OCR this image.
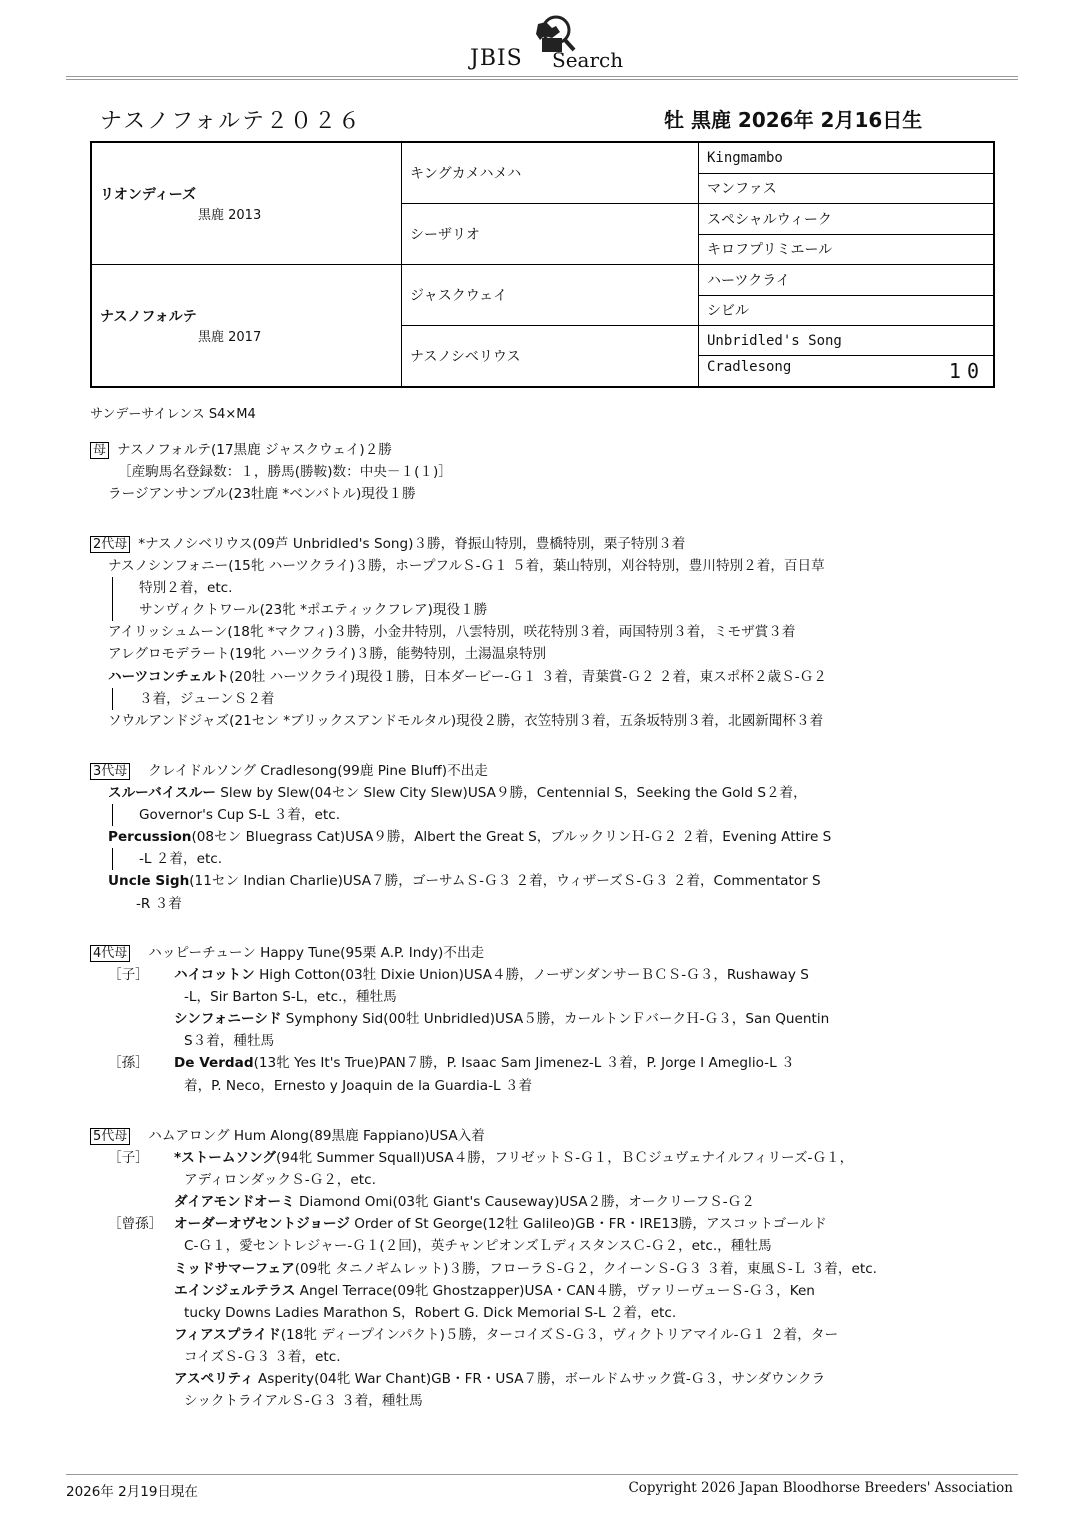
JBIS Search
ナスノフォルテ２０２６	牡 黒鹿 2026年 2月16日生
リオンディーズ
黒鹿 2013	キングカメハメハ	Kingmambo
		マンファス
	シーザリオ	スペシャルウィーク
		キロフプリミエール

ナスノフォルテ
黒鹿 2017	ジャスクウェイ	ハーツクライ
		シビル
	ナスノシベリウス	Unbridled's Song
		Cradlesong 10
サンデーサイレンス S4×M4
母 ナスノフォルテ(17黒鹿 ジャスクウェイ)２勝
［産駒馬名登録数：１，勝馬(勝鞍)数：中央－１(１)］
ラージアンサンブル(23牡鹿 *ベンバトル)現役１勝
2代母 *ナスノシベリウス(09芦 Unbridled's Song)３勝，脊振山特別，豊橋特別，栗子特別３着
ナスノシンフォニー(15牝 ハーツクライ)３勝，ホープフルＳ-Ｇ１ ５着，葉山特別，刈谷特別，豊川特別２着，百日草
特別２着，etc.
サンヴィクトワール(23牝 *ポエティックフレア)現役１勝
アイリッシュムーン(18牝 *マクフィ)３勝，小金井特別，八雲特別，咲花特別３着，両国特別３着，ミモザ賞３着
アレグロモデラート(19牝 ハーツクライ)３勝，能勢特別，土湯温泉特別
ハーツコンチェルト(20牡 ハーツクライ)現役１勝，日本ダービー-Ｇ１ ３着，青葉賞-Ｇ２ ２着，東スポ杯２歳Ｓ-Ｇ２
３着，ジューンＳ２着
ソウルアンドジャズ(21セン *ブリックスアンドモルタル)現役２勝，衣笠特別３着，五条坂特別３着，北國新聞杯３着
3代母 クレイドルソング Cradlesong(99鹿 Pine Bluff)不出走
スルーバイスルー Slew by Slew(04セン Slew City Slew)USA９勝，Centennial S，Seeking the Gold S２着，
Governor's Cup S-L ３着，etc.
Percussion(08セン Bluegrass Cat)USA９勝，Albert the Great S，ブルックリンＨ-Ｇ２ ２着，Evening Attire S
-L ２着，etc.
Uncle Sigh(11セン Indian Charlie)USA７勝，ゴーサムＳ-Ｇ３ ２着，ウィザーズＳ-Ｇ３ ２着，Commentator S
-R ３着
4代母 ハッピーチューン Happy Tune(95栗 A.P. Indy)不出走
［子］ ハイコットン High Cotton(03牡 Dixie Union)USA４勝，ノーザンダンサーＢＣＳ-Ｇ３，Rushaway S
-L，Sir Barton S-L，etc.，種牡馬
シンフォニーシド Symphony Sid(00牡 Unbridled)USA５勝，カールトンＦバークＨ-Ｇ３，San Quentin
S３着，種牡馬
［孫］ De Verdad(13牝 Yes It's True)PAN７勝，P. Isaac Sam Jimenez-L ３着，P. Jorge I Ameglio-L ３
着，P. Neco，Ernesto y Joaquin de la Guardia-L ３着
5代母 ハムアロング Hum Along(89黒鹿 Fappiano)USA入着
［子］ *ストームソング(94牝 Summer Squall)USA４勝，フリゼットＳ-Ｇ１，ＢＣジュヴェナイルフィリーズ-Ｇ１，
アディロンダックＳ-Ｇ２，etc.
ダイアモンドオーミ Diamond Omi(03牝 Giant's Causeway)USA２勝，オークリーフＳ-Ｇ２
［曾孫］ オーダーオヴセントジョージ Order of St George(12牡 Galileo)GB・FR・IRE13勝，アスコットゴールド
C-Ｇ１，愛セントレジャー-Ｇ１(２回)，英チャンピオンズＬディスタンスＣ-Ｇ２，etc.，種牡馬
ミッドサマーフェア(09牝 タニノギムレット)３勝，フローラＳ-Ｇ２，クイーンＳ-Ｇ３ ３着，東風Ｓ-Ｌ ３着，etc.
エインジェルテラス Angel Terrace(09牝 Ghostzapper)USA・CAN４勝，ヴァリーヴューＳ-Ｇ３，Ken
tucky Downs Ladies Marathon S，Robert G. Dick Memorial S-L ２着，etc.
フィアスプライド(18牝 ディープインパクト)５勝，ターコイズＳ-Ｇ３，ヴィクトリアマイル-Ｇ１ ２着，ター
コイズＳ-Ｇ３ ３着，etc.
アスペリティ Asperity(04牝 War Chant)GB・FR・USA７勝，ボールドムサック賞-Ｇ３，サンダウンクラ
シックトライアルＳ-Ｇ３ ３着，種牡馬
2026年 2月19日現在	Copyright 2026 Japan Bloodhorse Breeders' Association
